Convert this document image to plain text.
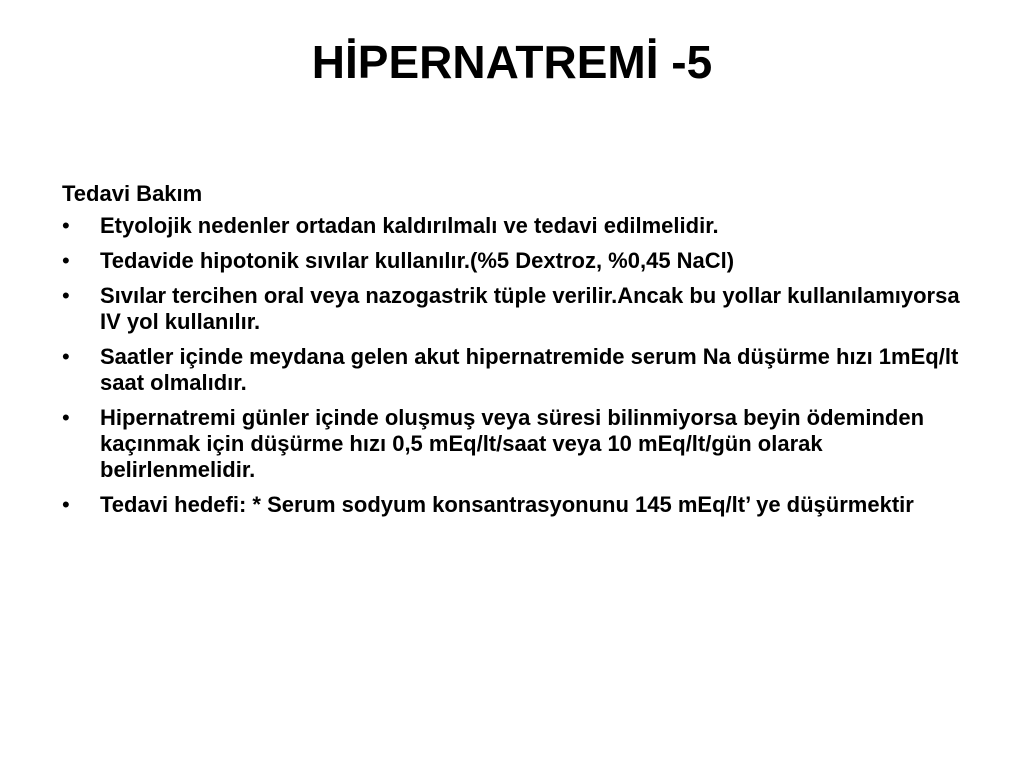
HİPERNATREMİ -5
Tedavi Bakım
•	Etyolojik nedenler ortadan kaldırılmalı ve tedavi edilmelidir.
•	Tedavide hipotonik sıvılar kullanılır.(%5 Dextroz, %0,45 NaCl)
•	Sıvılar tercihen oral veya nazogastrik tüple verilir.Ancak bu yollar kullanılamıyorsa IV yol kullanılır.
•	Saatler içinde meydana gelen akut hipernatremide serum Na düşürme hızı 1mEq/lt saat olmalıdır.
•	Hipernatremi günler içinde oluşmuş veya süresi bilinmiyorsa beyin ödeminden kaçınmak için düşürme hızı 0,5 mEq/lt/saat veya 10 mEq/lt/gün olarak belirlenmelidir.
•	Tedavi hedefi: * Serum sodyum konsantrasyonunu 145 mEq/lt’ ye düşürmektir
